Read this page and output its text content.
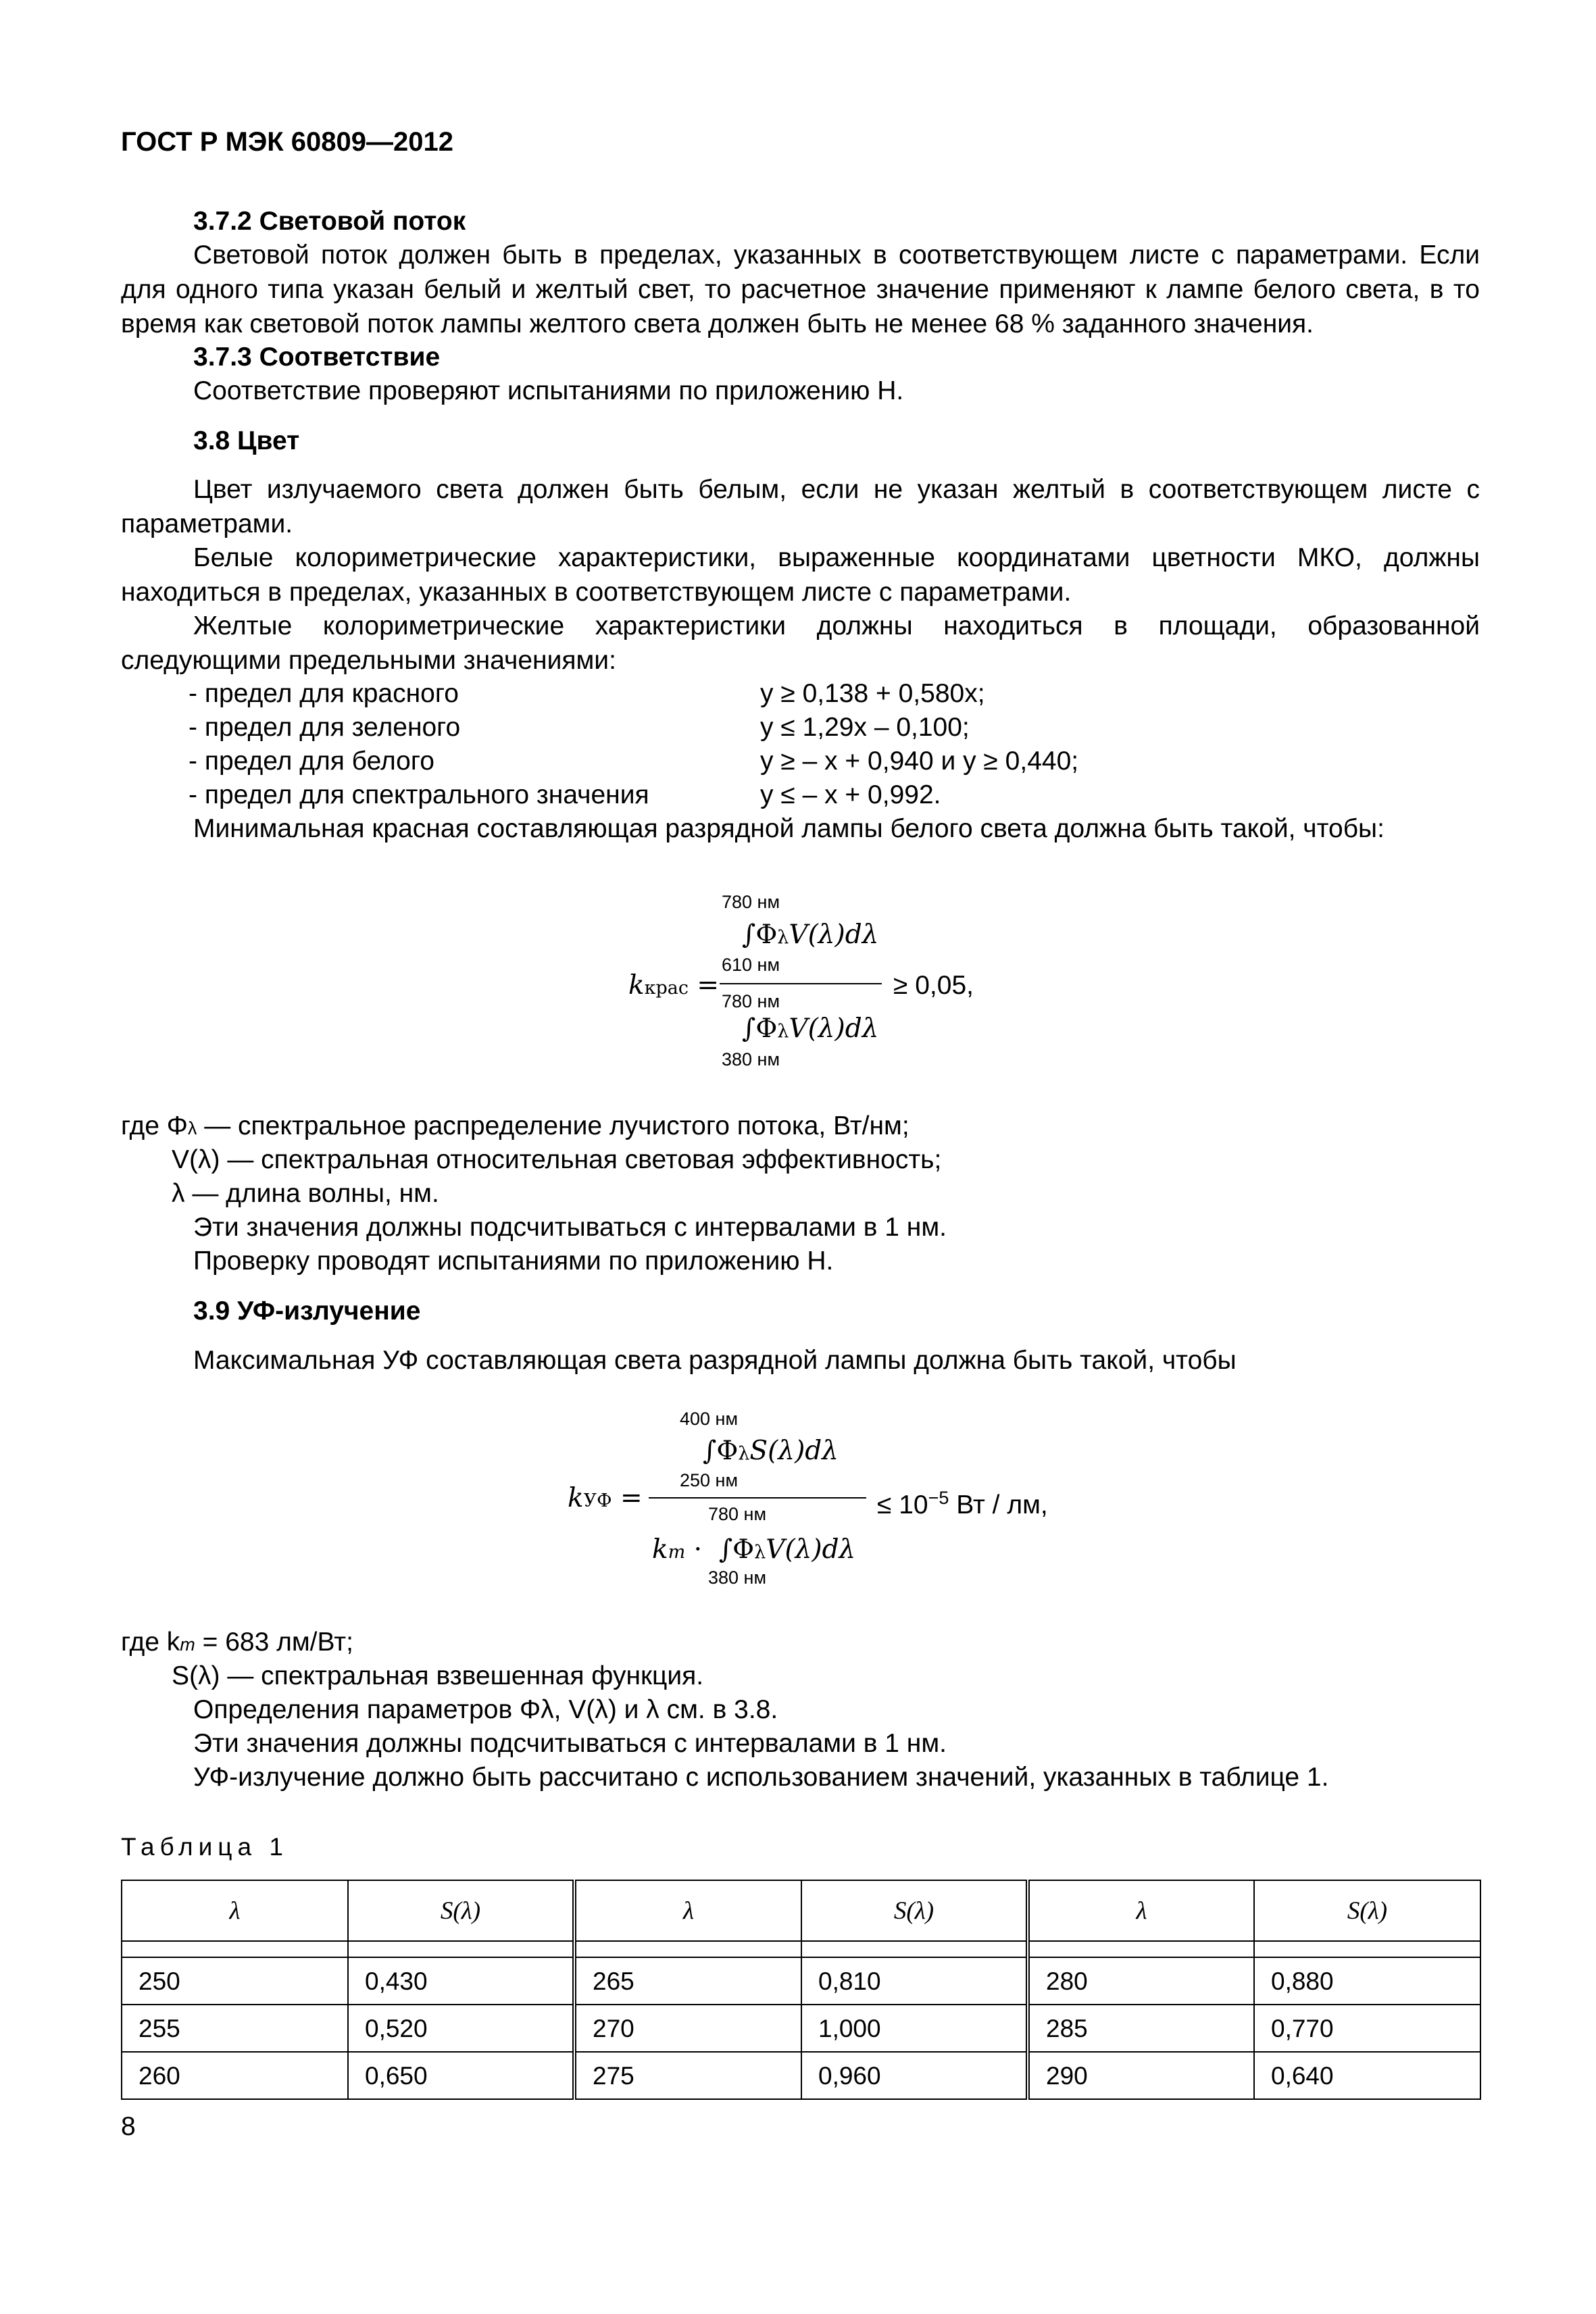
ГОСТ Р МЭК 60809—2012
3.7.2 Световой поток
Световой поток должен быть в пределах, указанных в соответствующем листе с параметрами. Если для одного типа указан белый и желтый свет, то расчетное значение применяют к лампе белого света, в то время как световой поток лампы желтого света должен быть не менее 68 % заданного значения.
3.7.3 Соответствие
Соответствие проверяют испытаниями по приложению Н.
3.8 Цвет
Цвет излучаемого света должен быть белым, если не указан желтый в соответствующем листе с параметрами.
Белые колориметрические характеристики, выраженные координатами цветности МКО, должны находиться в пределах, указанных в соответствующем листе с параметрами.
Желтые колориметрические характеристики должны находиться в площади, образованной следующими предельными значениями:
- предел для красного	y ≥ 0,138 + 0,580x;
- предел для зеленого	y ≤ 1,29x – 0,100;
- предел для белого	y ≥ – x + 0,940 и y ≥ 0,440;
- предел для спектрального значения	y ≤ – x + 0,992.
Минимальная красная составляющая разрядной лампы белого света должна быть такой, чтобы:
780 нм
∫ΦλV(λ)dλ
610 нм
kкрас =	≥ 0,05,
780 нм
∫ΦλV(λ)dλ
380 нм
где Φλ — спектральное распределение лучистого потока, Вт/нм;
V(λ) — спектральная относительная световая эффективность;
λ — длина волны, нм.
Эти значения должны подсчитываться с интервалами в 1 нм.
Проверку проводят испытаниями по приложению Н.
3.9 УФ-излучение
Максимальная УФ составляющая света разрядной лампы должна быть такой, чтобы
400 нм
∫ΦλS(λ)dλ
250 нм
kУФ =	≤ $10^{-5}$ Вт / лм,
780 нм
km · ∫ΦλV(λ)dλ
380 нм
где km = 683 лм/Вт;
S(λ) — спектральная взвешенная функция.
Определения параметров Φλ, V(λ) и λ см. в 3.8.
Эти значения должны подсчитываться с интервалами в 1 нм.
УФ-излучение должно быть рассчитано с использованием значений, указанных в таблице 1.
Таблица 1
λ	S(λ)	λ	S(λ)	λ	S(λ)

250	0,430	265	0,810	280	0,880
255	0,520	270	1,000	285	0,770
260	0,650	275	0,960	290	0,640
8
